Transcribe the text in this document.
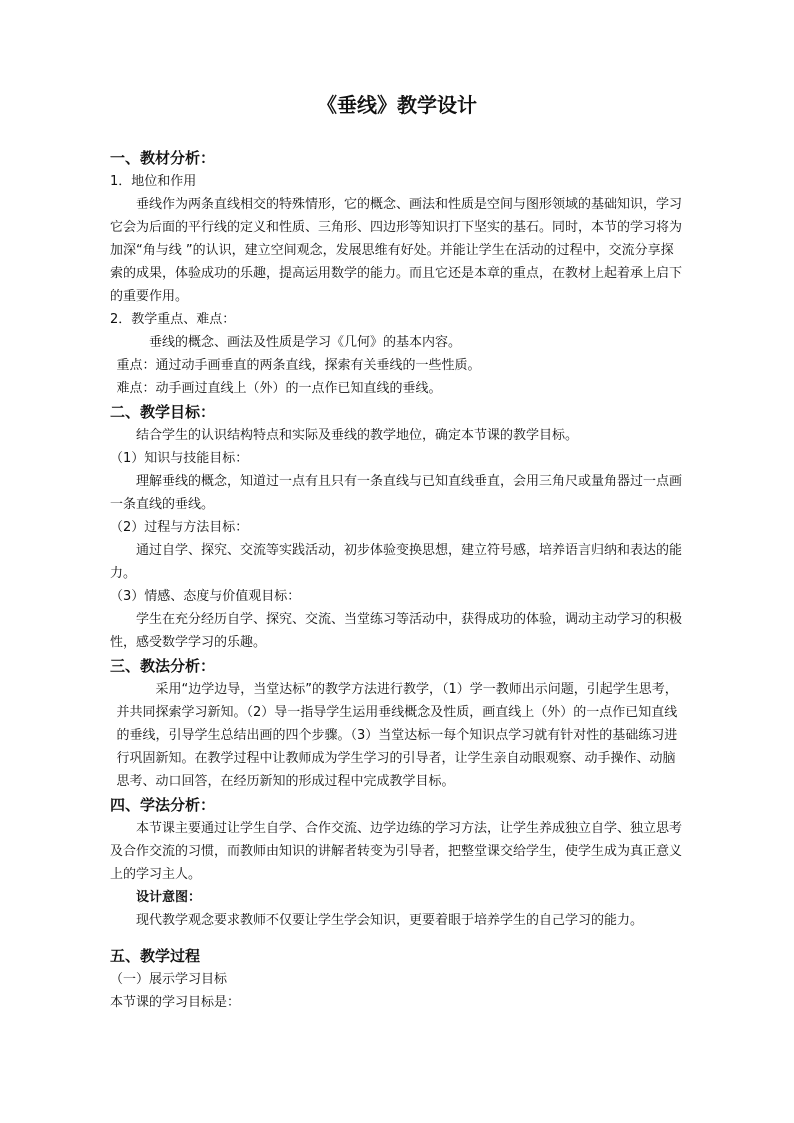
《垂线》教学设计
一、教材分析：
1．地位和作用
垂线作为两条直线相交的特殊情形，它的概念、画法和性质是空间与图形领域的基础知识，学习它会为后面的平行线的定义和性质、三角形、四边形等知识打下坚实的基石。同时，本节的学习将为加深“角与线 ”的认识，建立空间观念，发展思维有好处。并能让学生在活动的过程中，交流分享探索的成果，体验成功的乐趣，提高运用数学的能力。而且它还是本章的重点，在教材上起着承上启下的重要作用。
2．教学重点、难点：
垂线的概念、画法及性质是学习《几何》的基本内容。
重点：通过动手画垂直的两条直线，探索有关垂线的一些性质。
难点：动手画过直线上（外）的一点作已知直线的垂线。
二、教学目标：
结合学生的认识结构特点和实际及垂线的教学地位，确定本节课的教学目标。
（1）知识与技能目标：
理解垂线的概念，知道过一点有且只有一条直线与已知直线垂直，会用三角尺或量角器过一点画一条直线的垂线。
（2）过程与方法目标：
通过自学、探究、交流等实践活动，初步体验变换思想，建立符号感，培养语言归纳和表达的能力。
（3）情感、态度与价值观目标：
学生在充分经历自学、探究、交流、当堂练习等活动中，获得成功的体验，调动主动学习的积极性，感受数学学习的乐趣。
三、教法分析：
采用“边学边导，当堂达标”的教学方法进行教学，（1）学一教师出示问题，引起学生思考，并共同探索学习新知。（2）导一指导学生运用垂线概念及性质，画直线上（外）的一点作已知直线的垂线，引导学生总结出画的四个步骤。（3）当堂达标一每个知识点学习就有针对性的基础练习进行巩固新知。在教学过程中让教师成为学生学习的引导者，让学生亲自动眼观察、动手操作、动脑思考、动口回答，在经历新知的形成过程中完成教学目标。
四、学法分析：
本节课主要通过让学生自学、合作交流、边学边练的学习方法，让学生养成独立自学、独立思考及合作交流的习惯，而教师由知识的讲解者转变为引导者，把整堂课交给学生，使学生成为真正意义上的学习主人。
设计意图：
现代教学观念要求教师不仅要让学生学会知识，更要着眼于培养学生的自己学习的能力。
五、教学过程
（一）展示学习目标
本节课的学习目标是：
